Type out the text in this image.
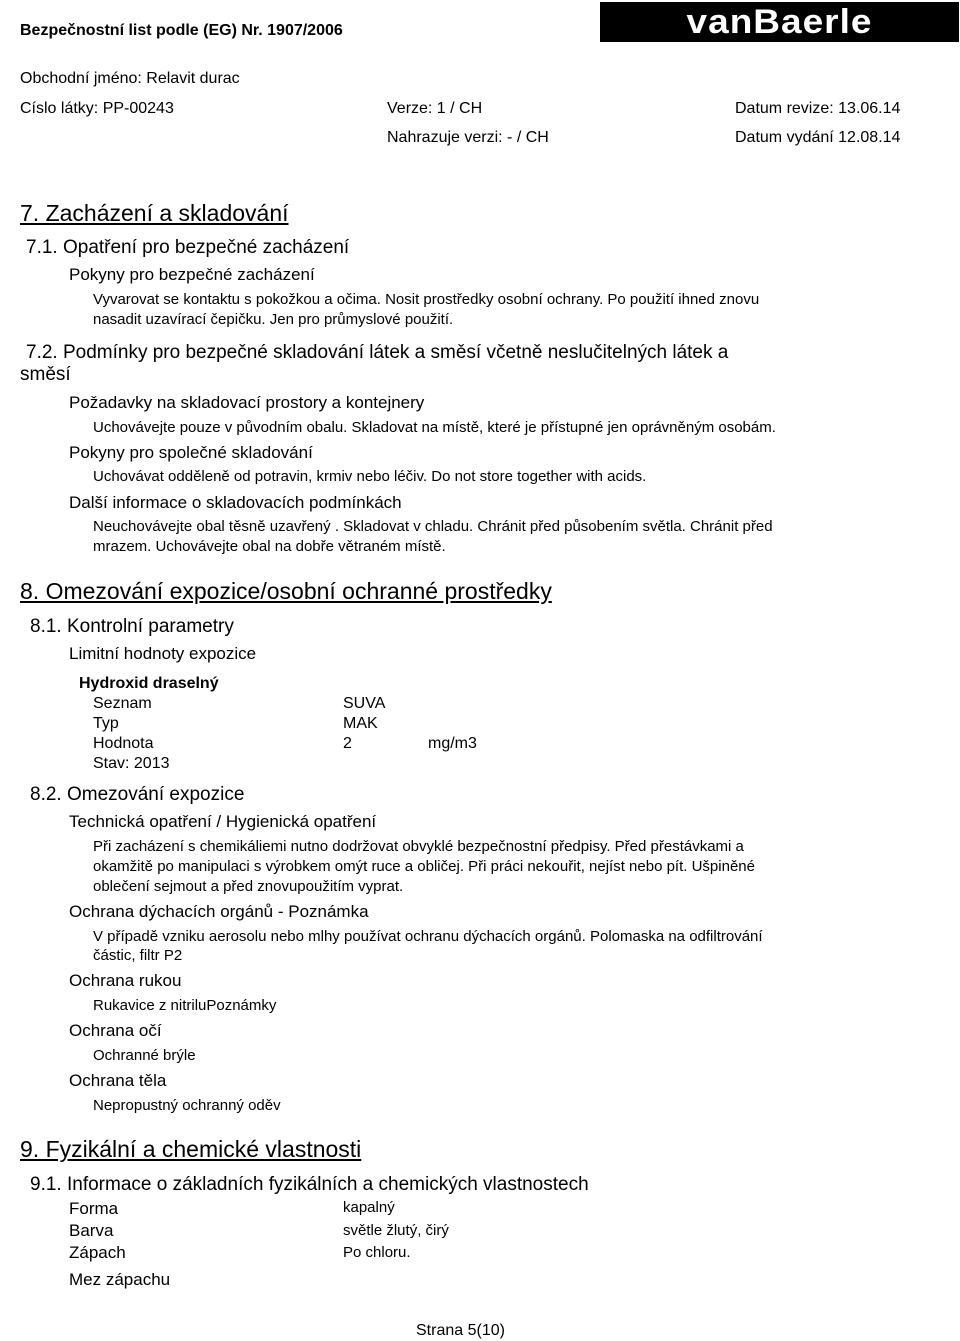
Bezpečnostní list podle (EG) Nr. 1907/2006	vanBaerle
Obchodní jméno: Relavit durac
Císlo látky: PP-00243	Verze: 1 / CH	Datum revize: 13.06.14
Nahrazuje verzi: - / CH	Datum vydání 12.08.14
7. Zacházení a skladování
7.1. Opatření pro bezpečné zacházení
Pokyny pro bezpečné zacházení
Vyvarovat se kontaktu s pokožkou a očima. Nosit prostředky osobní ochrany. Po použití ihned znovu
nasadit uzavírací čepičku. Jen pro průmyslové použití.
7.2. Podmínky pro bezpečné skladování látek a směsí včetně neslučitelných látek a
směsí
Požadavky na skladovací prostory a kontejnery
Uchovávejte pouze v původním obalu. Skladovat na místě, které je přístupné jen oprávněným osobám.
Pokyny pro společné skladování
Uchovávat odděleně od potravin, krmiv nebo léčiv. Do not store together with acids.
Další informace o skladovacích podmínkách
Neuchovávejte obal těsně uzavřený . Skladovat v chladu. Chránit před působením světla. Chránit před
mrazem. Uchovávejte obal na dobře větraném místě.
8. Omezování expozice/osobní ochranné prostředky
8.1. Kontrolní parametry
Limitní hodnoty expozice
Hydroxid draselný
Seznam	SUVA
Typ	MAK
Hodnota	2	mg/m3
Stav: 2013
8.2. Omezování expozice
Technická opatření / Hygienická opatření
Při zacházení s chemikáliemi nutno dodržovat obvyklé bezpečnostní předpisy. Před přestávkami a
okamžitě po manipulaci s výrobkem omýt ruce a obličej. Při práci nekouřit, nejíst nebo pít. Ušpiněné
oblečení sejmout a před znovupoužitím vyprat.
Ochrana dýchacích orgánů - Poznámka
V případě vzniku aerosolu nebo mlhy používat ochranu dýchacích orgánů. Polomaska na odfiltrování
částic, filtr P2
Ochrana rukou
Rukavice z nitriluPoznámky
Ochrana očí
Ochranné brýle
Ochrana těla
Nepropustný ochranný oděv
9. Fyzikální a chemické vlastnosti
9.1. Informace o základních fyzikálních a chemických vlastnostech
Forma	kapalný
Barva	světle žlutý, čirý
Zápach	Po chloru.
Mez zápachu
Strana 5(10)
